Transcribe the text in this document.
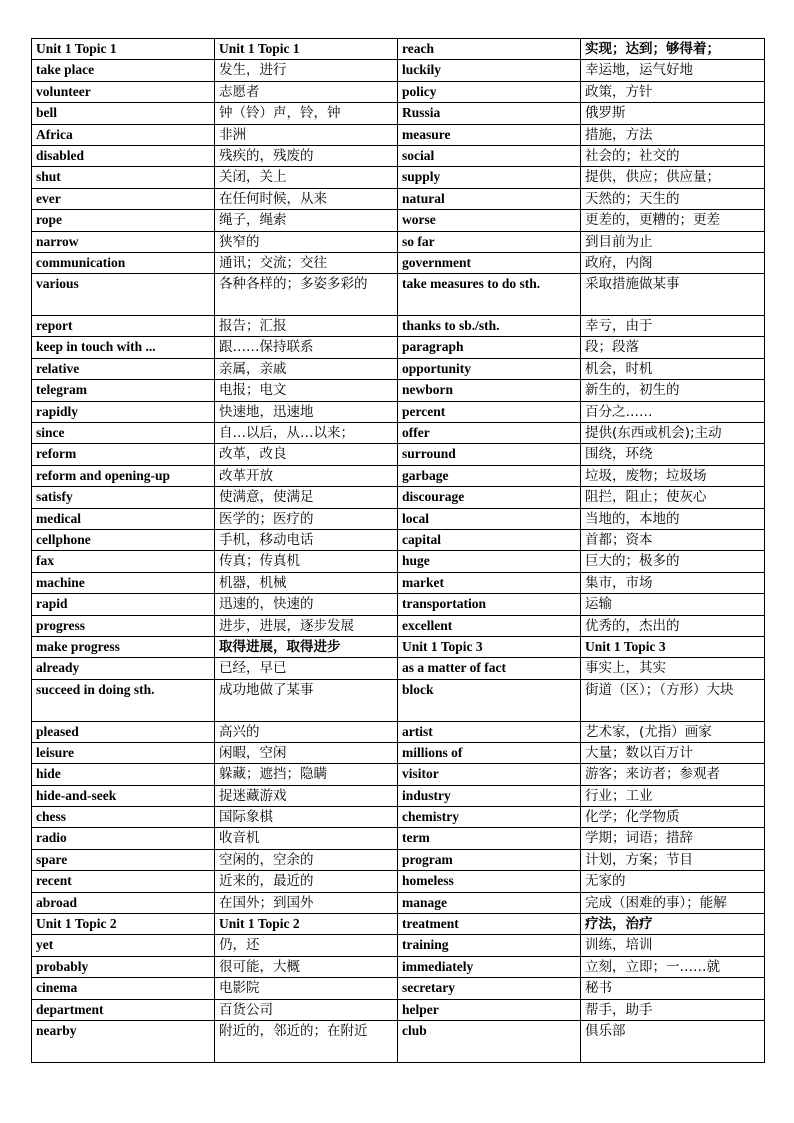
Unit 1 Topic 1	Unit 1 Topic 1	reach	实现；达到；够得着；
take place	发生，进行	luckily	幸运地，运气好地
volunteer	志愿者	policy	政策，方针
bell	钟（铃）声，铃，钟	Russia	俄罗斯
Africa	非洲	measure	措施，方法
disabled	残疾的，残废的	social	社会的；社交的
shut	关闭，关上	supply	提供，供应；供应量；
ever	在任何时候，从来	natural	天然的；天生的
rope	绳子，绳索	worse	更差的，更糟的；更差
narrow	狭窄的	so far	到目前为止
communication	通讯；交流；交往	government	政府，内阁
various	各种各样的；多姿多彩的	take measures to do sth.	采取措施做某事
report	报告；汇报	thanks to sb./sth.	幸亏，由于
keep in touch with ...	跟……保持联系	paragraph	段；段落
relative	亲属，亲戚	opportunity	机会，时机
telegram	电报；电文	newborn	新生的，初生的
rapidly	快速地，迅速地	percent	百分之……
since	自…以后，从…以来；	offer	提供(东西或机会);主动
reform	改革，改良	surround	围绕，环绕
reform and opening-up	改革开放	garbage	垃圾，废物；垃圾场
satisfy	使满意，使满足	discourage	阻拦，阻止；使灰心
medical	医学的；医疗的	local	当地的，本地的
cellphone	手机，移动电话	capital	首都；资本
fax	传真；传真机	huge	巨大的；极多的
machine	机器，机械	market	集市，市场
rapid	迅速的，快速的	transportation	运输
progress	进步，进展，逐步发展	excellent	优秀的，杰出的
make progress	取得进展，取得进步	Unit 1 Topic 3	Unit 1 Topic 3
already	已经，早已	as a matter of fact	事实上，其实
succeed in doing sth.	成功地做了某事	block	街道（区）；（方形）大块
pleased	高兴的	artist	艺术家，(尤指）画家
leisure	闲暇，空闲	millions of	大量；数以百万计
hide	躲藏；遮挡；隐瞒	visitor	游客；来访者；参观者
hide-and-seek	捉迷藏游戏	industry	行业；工业
chess	国际象棋	chemistry	化学；化学物质
radio	收音机	term	学期；词语；措辞
spare	空闲的，空余的	program	计划，方案；节目
recent	近来的，最近的	homeless	无家的
abroad	在国外；到国外	manage	完成（困难的事）；能解
Unit 1 Topic 2	Unit 1 Topic 2	treatment	疗法，治疗
yet	仍，还	training	训练，培训
probably	很可能，大概	immediately	立刻，立即；一……就
cinema	电影院	secretary	秘书
department	百货公司	helper	帮手，助手
nearby	附近的，邻近的；在附近	club	俱乐部
